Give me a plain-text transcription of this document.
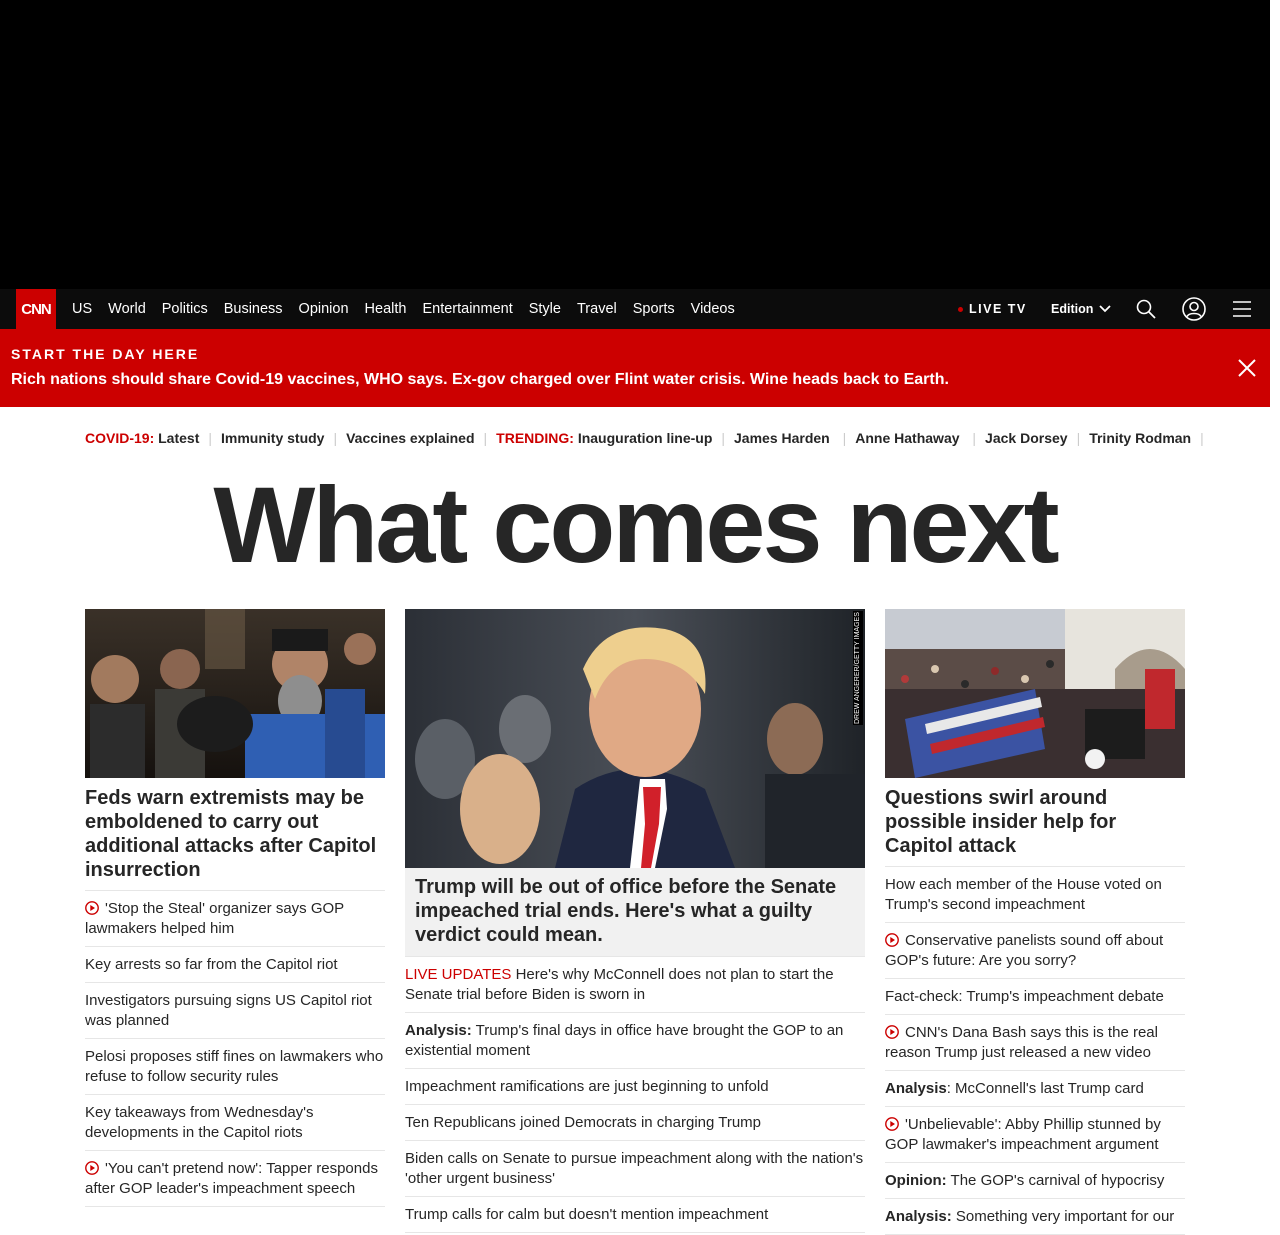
CNN	US World Politics Business Opinion Health Entertainment Style Travel Sports Videos	LIVE TV Edition
START THE DAY HERE
Rich nations should share Covid-19 vaccines, WHO says. Ex-gov charged over Flint water crisis. Wine heads back to Earth.
COVID-19:
Latest | Immunity study | Vaccines explained | TRENDING:
Inauguration line-up | James Harden | Anne Hathaway | Jack Dorsey | Trinity Rodman |
What comes next
Feds warn extremists may be emboldened to carry out additional attacks after Capitol insurrection
'Stop the Steal' organizer says GOP lawmakers helped him
Key arrests so far from the Capitol riot
Investigators pursuing signs US Capitol riot was planned
Pelosi proposes stiff fines on lawmakers who refuse to follow security rules
Key takeaways from Wednesday's developments in the Capitol riots
'You can't pretend now': Tapper responds after GOP leader's impeachment speech
DREW ANGERER/GETTY IMAGES
Trump will be out of office before the Senate impeached trial ends. Here's what a guilty verdict could mean.
LIVE UPDATES Here's why McConnell does not plan to start the Senate trial before Biden is sworn in
Analysis: Trump's final days in office have brought the GOP to an existential moment
Impeachment ramifications are just beginning to unfold
Ten Republicans joined Democrats in charging Trump
Biden calls on Senate to pursue impeachment along with the nation's 'other urgent business'
Trump calls for calm but doesn't mention impeachment
Questions swirl around possible insider help for Capitol attack
How each member of the House voted on Trump's second impeachment
Conservative panelists sound off about GOP's future: Are you sorry?
Fact-check: Trump's impeachment debate
CNN's Dana Bash says this is the real reason Trump just released a new video
Analysis: McConnell's last Trump card
'Unbelievable': Abby Phillip stunned by GOP lawmaker's impeachment argument
Opinion: The GOP's carnival of hypocrisy
Analysis: Something very important for our
